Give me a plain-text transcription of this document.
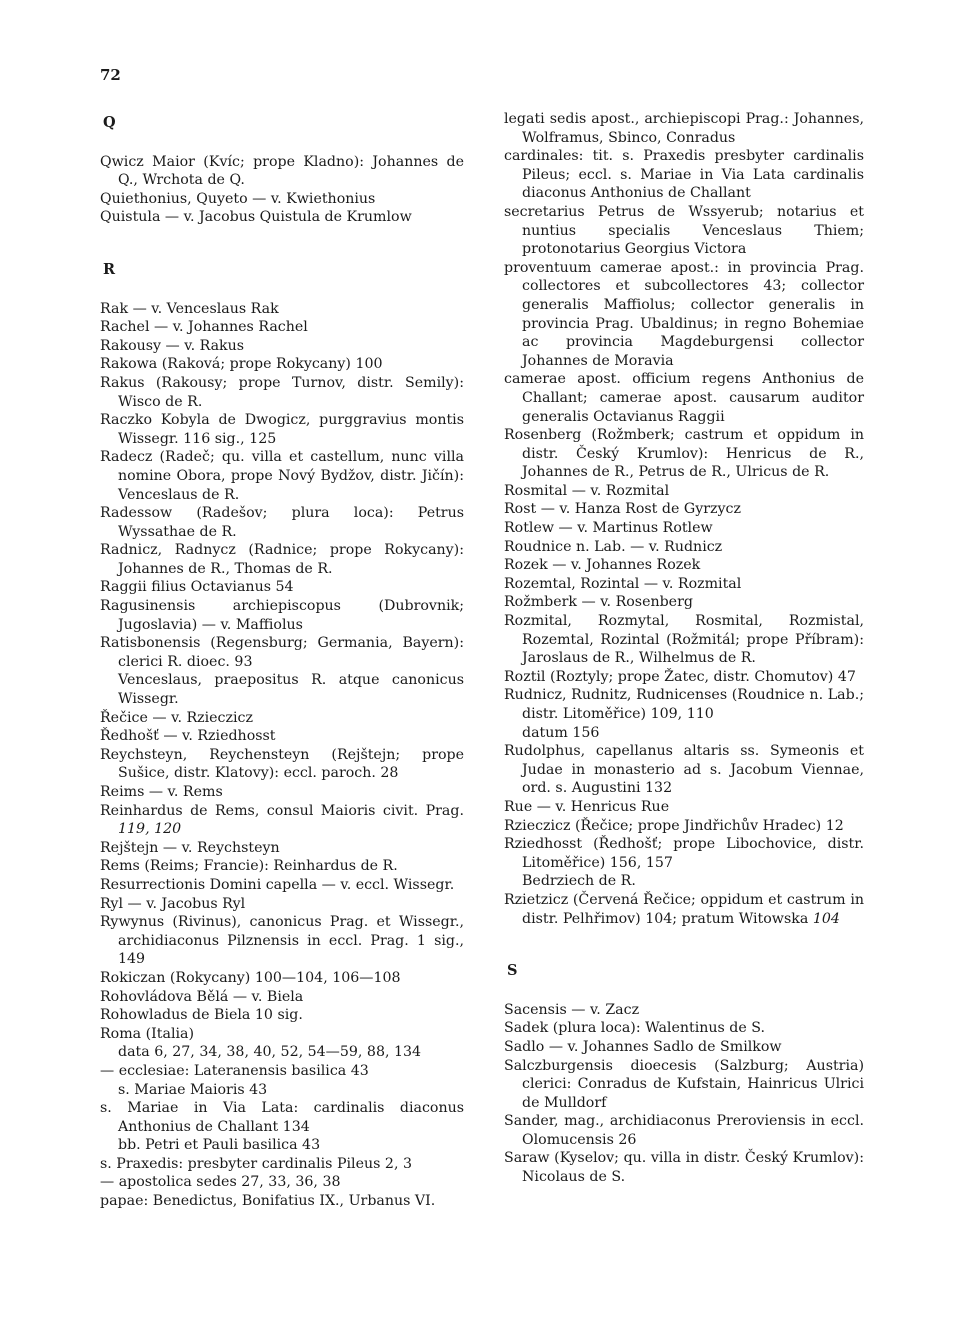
72
Q
Qwicz Maior (Kvíc; prope Kladno): Johannes de Q., Wrchota de Q.
Quiethonius, Quyeto — v. Kwiethonius
Quistula — v. Jacobus Quistula de Krumlow
R
Rak — v. Venceslaus Rak
Rachel — v. Johannes Rachel
Rakousy — v. Rakus
Rakowa (Raková; prope Rokycany) 100
Rakus (Rakousy; prope Turnov, distr. Semily): Wisco de R.
Raczko Kobyla de Dwogicz, purggravius montis Wissegr. 116 sig., 125
Radecz (Radeč; qu. villa et castellum, nunc villa nomine Obora, prope Nový Bydžov, distr. Jičín): Venceslaus de R.
Radessow (Radešov; plura loca): Petrus Wyssathae de R.
Radnicz, Radnycz (Radnice; prope Rokycany): Johannes de R., Thomas de R.
Raggii filius Octavianus 54
Ragusinensis archiepiscopus (Dubrovnik; Jugoslavia) — v. Maffiolus
Ratisbonensis (Regensburg; Germania, Bayern): clerici R. dioec. 93
Venceslaus, praepositus R. atque canonicus Wissegr.
Řečice — v. Rzieczicz
Ředhošť — v. Rziedhosst
Reychsteyn, Reychensteyn (Rejštejn; prope Sušice, distr. Klatovy): eccl. paroch. 28
Reims — v. Rems
Reinhardus de Rems, consul Maioris civit. Prag. 119, 120
Rejštejn — v. Reychsteyn
Rems (Reims; Francie): Reinhardus de R.
Resurrectionis Domini capella — v. eccl. Wissegr.
Ryl — v. Jacobus Ryl
Rywynus (Rivinus), canonicus Prag. et Wissegr., archidiaconus Pilznensis in eccl. Prag. 1 sig., 149
Rokiczan (Rokycany) 100—104, 106—108
Rohovládova Bělá — v. Biela
Rohowladus de Biela 10 sig.
Roma (Italia)
data 6, 27, 34, 38, 40, 52, 54—59, 88, 134
— ecclesiae: Lateranensis basilica 43
s. Mariae Maioris 43
s. Mariae in Via Lata: cardinalis diaconus Anthonius de Challant 134
bb. Petri et Pauli basilica 43
s. Praxedis: presbyter cardinalis Pileus 2, 3
— apostolica sedes 27, 33, 36, 38
papae: Benedictus, Bonifatius IX., Urbanus VI.
legati sedis apost., archiepiscopi Prag.: Johannes, Wolframus, Sbinco, Conradus
cardinales: tit. s. Praxedis presbyter cardinalis Pileus; eccl. s. Mariae in Via Lata cardinalis diaconus Anthonius de Challant
secretarius Petrus de Wssyerub; notarius et nuntius specialis Venceslaus Thiem; protonotarius Georgius Victora
proventuum camerae apost.: in provincia Prag. collectores et subcollectores 43; collector generalis Maffiolus; collector generalis in provincia Prag. Ubaldinus; in regno Bohemiae ac provincia Magdeburgensi collector Johannes de Moravia
camerae apost. officium regens Anthonius de Challant; camerae apost. causarum auditor generalis Octavianus Raggii
Rosenberg (Rožmberk; castrum et oppidum in distr. Český Krumlov): Henricus de R., Johannes de R., Petrus de R., Ulricus de R.
Rosmital — v. Rozmital
Rost — v. Hanza Rost de Gyrzycz
Rotlew — v. Martinus Rotlew
Roudnice n. Lab. — v. Rudnicz
Rozek — v. Johannes Rozek
Rozemtal, Rozintal — v. Rozmital
Rožmberk — v. Rosenberg
Rozmital, Rozmytal, Rosmital, Rozmistal, Rozemtal, Rozintal (Rožmitál; prope Příbram): Jaroslaus de R., Wilhelmus de R.
Roztil (Roztyly; prope Žatec, distr. Chomutov) 47
Rudnicz, Rudnitz, Rudnicenses (Roudnice n. Lab.; distr. Litoměřice) 109, 110
datum 156
Rudolphus, capellanus altaris ss. Symeonis et Judae in monasterio ad s. Jacobum Viennae, ord. s. Augustini 132
Rue — v. Henricus Rue
Rzieczicz (Řečice; prope Jindřichův Hradec) 12
Rziedhosst (Ředhošť; prope Libochovice, distr. Litoměřice) 156, 157
Bedrziech de R.
Rzietzicz (Červená Řečice; oppidum et castrum in distr. Pelhřimov) 104; pratum Witowska 104
S
Sacensis — v. Zacz
Sadek (plura loca): Walentinus de S.
Sadlo — v. Johannes Sadlo de Smilkow
Salczburgensis dioecesis (Salzburg; Austria) clerici: Conradus de Kufstain, Hainricus Ulrici de Mulldorf
Sander, mag., archidiaconus Preroviensis in eccl. Olomucensis 26
Saraw (Kyselov; qu. villa in distr. Český Krumlov): Nicolaus de S.
